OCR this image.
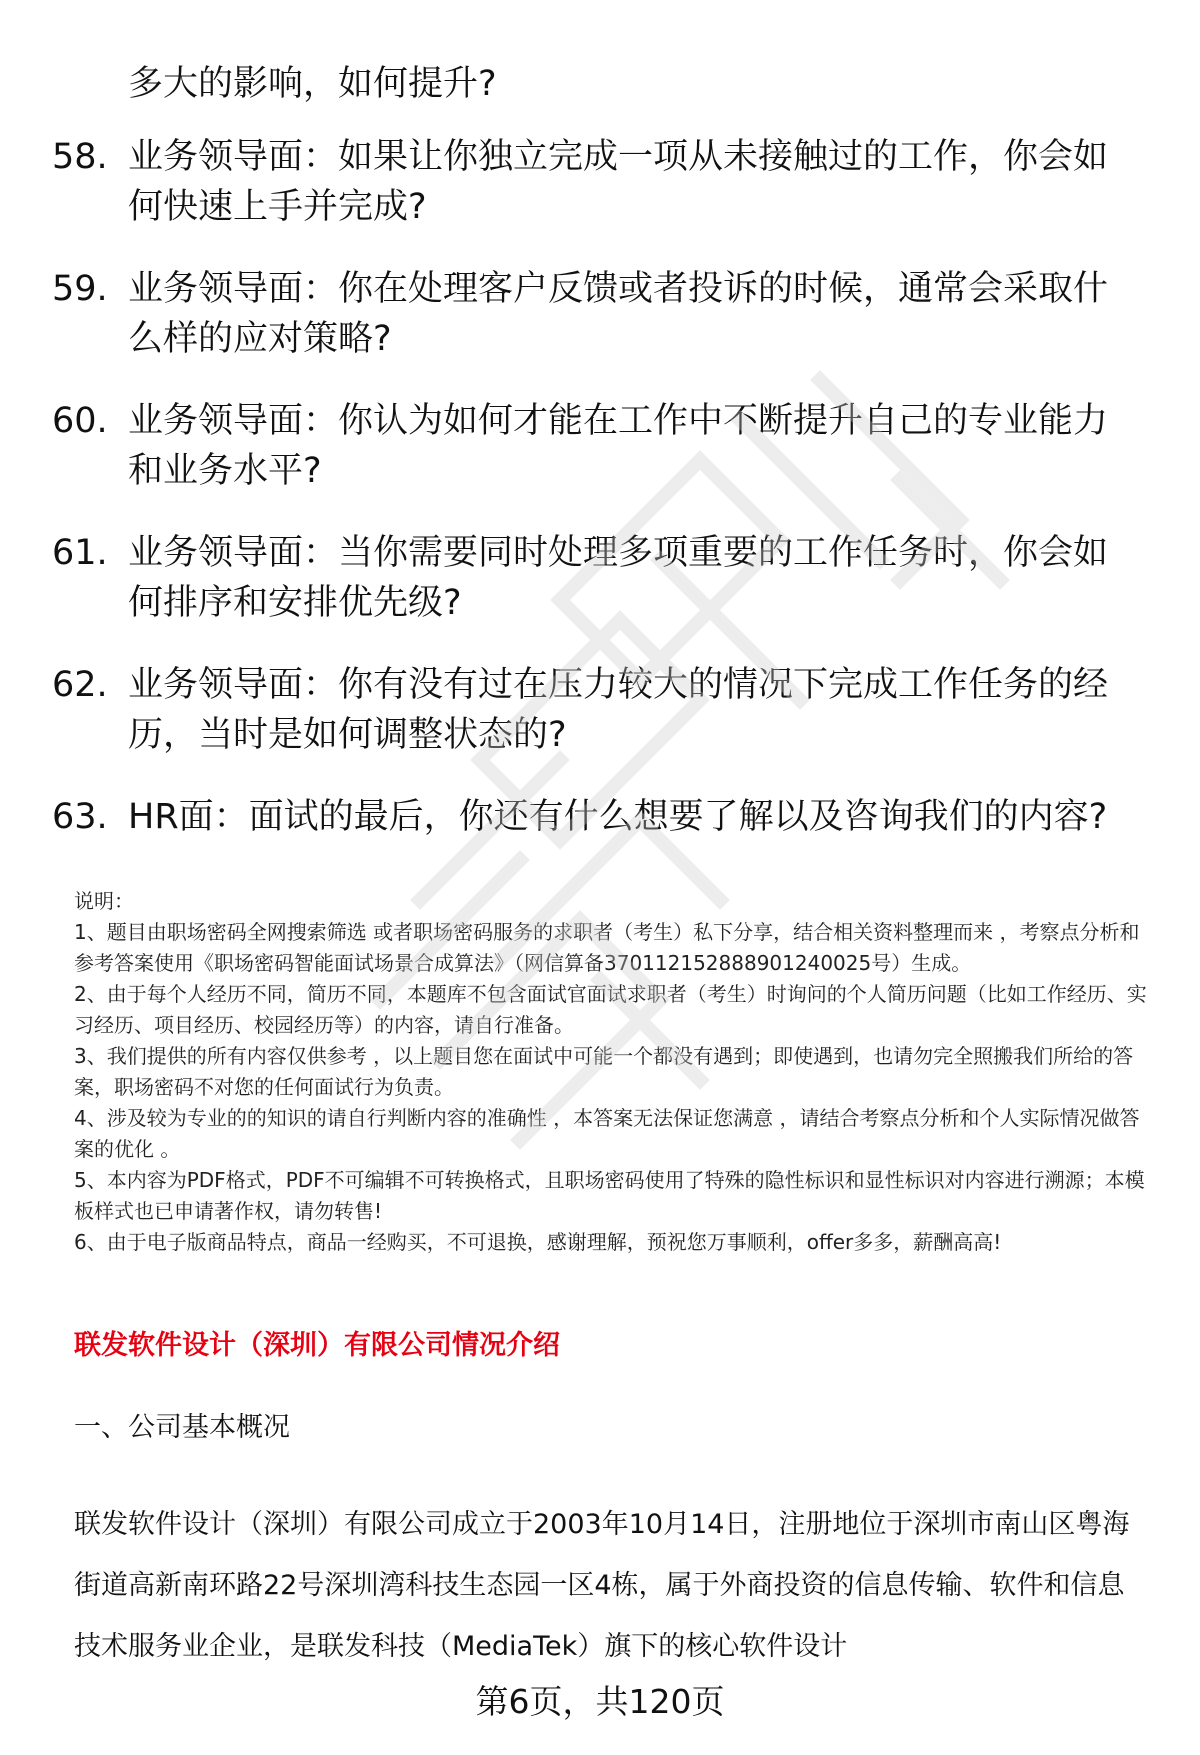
多大的影响，如何提升?

58. 业务领导面：如果让你独立完成一项从未接触过的工作，你会如何快速上手并完成?
59. 业务领导面：你在处理客户反馈或者投诉的时候，通常会采取什么样的应对策略?
60. 业务领导面：你认为如何才能在工作中不断提升自己的专业能力和业务水平?
61. 业务领导面：当你需要同时处理多项重要的工作任务时，你会如何排序和安排优先级?
62. 业务领导面：你有没有过在压力较大的情况下完成工作任务的经历，当时是如何调整状态的?
63. HR面：面试的最后，你还有什么想要了解以及咨询我们的内容?

说明：

1、题目由职场密码全网搜索筛选 或者职场密码服务的求职者（考生）私下分享，结合相关资料整理而来 ，考察点分析和参考答案使用《职场密码智能面试场景合成算法》（网信算备370112152888901240025号）生成。

2、由于每个人经历不同，简历不同，本题库不包含面试官面试求职者（考生）时询问的个人简历问题（比如工作经历、实习经历、项目经历、校园经历等）的内容，请自行准备。

3、我们提供的所有内容仅供参考 ，以上题目您在面试中可能一个都没有遇到；即使遇到，也请勿完全照搬我们所给的答案，职场密码不对您的任何面试行为负责。

4、涉及较为专业的的知识的请自行判断内容的准确性 ，本答案无法保证您满意 ，请结合考察点分析和个人实际情况做答案的优化 。

5、本内容为PDF格式，PDF不可编辑不可转换格式，且职场密码使用了特殊的隐性标识和显性标识对内容进行溯源；本模板样式也已申请著作权，请勿转售!

6、由于电子版商品特点，商品一经购买，不可退换，感谢理解，预祝您万事顺利，offer多多，薪酬高高!

联发软件设计（深圳）有限公司情况介绍
一、公司基本概况

联发软件设计（深圳）有限公司成立于2003年10月14日，注册地位于深圳市南山区粤海街道高新南环路22号深圳湾科技生态园一区4栋，属于外商投资的信息传输、软件和信息技术服务业企业，是联发科技（MediaTek）旗下的核心软件设计

第6页，共120页
